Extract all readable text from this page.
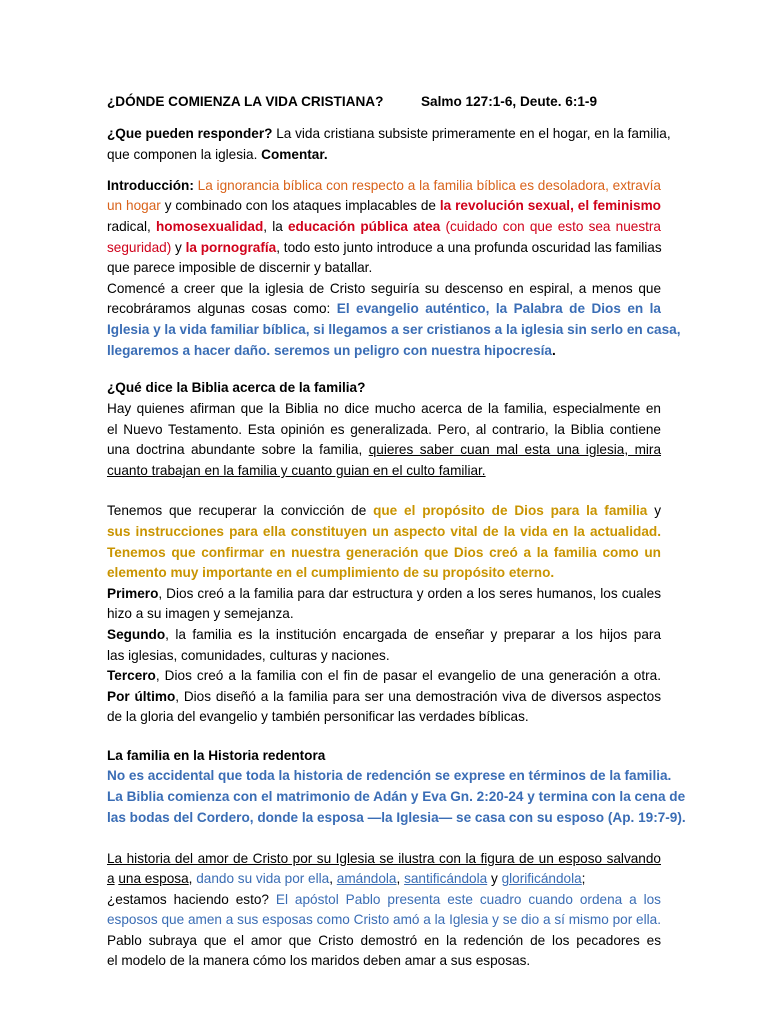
¿DÓNDE COMIENZA LA VIDA CRISTIANA?	Salmo 127:1-6, Deute. 6:1-9
¿Que pueden responder? La vida cristiana subsiste primeramente en el hogar, en la familia,
que componen la iglesia. Comentar.
Introducción: La ignorancia bíblica con respecto a la familia bíblica es desoladora, extravía
un hogar y combinado con los ataques implacables de la revolución sexual, el feminismo
radical, homosexualidad, la educación pública atea (cuidado con que esto sea nuestra
seguridad) y la pornografía, todo esto junto introduce a una profunda oscuridad las familias
que parece imposible de discernir y batallar.
Comencé a creer que la iglesia de Cristo seguiría su descenso en espiral, a menos que
recobráramos algunas cosas como: El evangelio auténtico, la Palabra de Dios en la
Iglesia y la vida familiar bíblica, si llegamos a ser cristianos a la iglesia sin serlo en casa,
llegaremos a hacer daño. seremos un peligro con nuestra hipocresía.
¿Qué dice la Biblia acerca de la familia?
Hay quienes afirman que la Biblia no dice mucho acerca de la familia, especialmente en
el Nuevo Testamento. Esta opinión es generalizada. Pero, al contrario, la Biblia contiene
una doctrina abundante sobre la familia, quieres saber cuan mal esta una iglesia, mira
cuanto trabajan en la familia y cuanto guian en el culto familiar.
Tenemos que recuperar la convicción de que el propósito de Dios para la familia y
sus instrucciones para ella constituyen un aspecto vital de la vida en la actualidad.
Tenemos que confirmar en nuestra generación que Dios creó a la familia como un
elemento muy importante en el cumplimiento de su propósito eterno.
Primero, Dios creó a la familia para dar estructura y orden a los seres humanos, los cuales
hizo a su imagen y semejanza.
Segundo, la familia es la institución encargada de enseñar y preparar a los hijos para
las iglesias, comunidades, culturas y naciones.
Tercero, Dios creó a la familia con el fin de pasar el evangelio de una generación a otra.
Por último, Dios diseñó a la familia para ser una demostración viva de diversos aspectos
de la gloria del evangelio y también personificar las verdades bíblicas.
La familia en la Historia redentora
No es accidental que toda la historia de redención se exprese en términos de la familia.
La Biblia comienza con el matrimonio de Adán y Eva Gn. 2:20-24 y termina con la cena de
las bodas del Cordero, donde la esposa —la Iglesia— se casa con su esposo (Ap. 19:7-9).
La historia del amor de Cristo por su Iglesia se ilustra con la figura de un esposo salvando
a una esposa, dando su vida por ella, amándola, santificándola y glorificándola;
¿estamos haciendo esto? El apóstol Pablo presenta este cuadro cuando ordena a los
esposos que amen a sus esposas como Cristo amó a la Iglesia y se dio a sí mismo por ella.
Pablo subraya que el amor que Cristo demostró en la redención de los pecadores es
el modelo de la manera cómo los maridos deben amar a sus esposas.
